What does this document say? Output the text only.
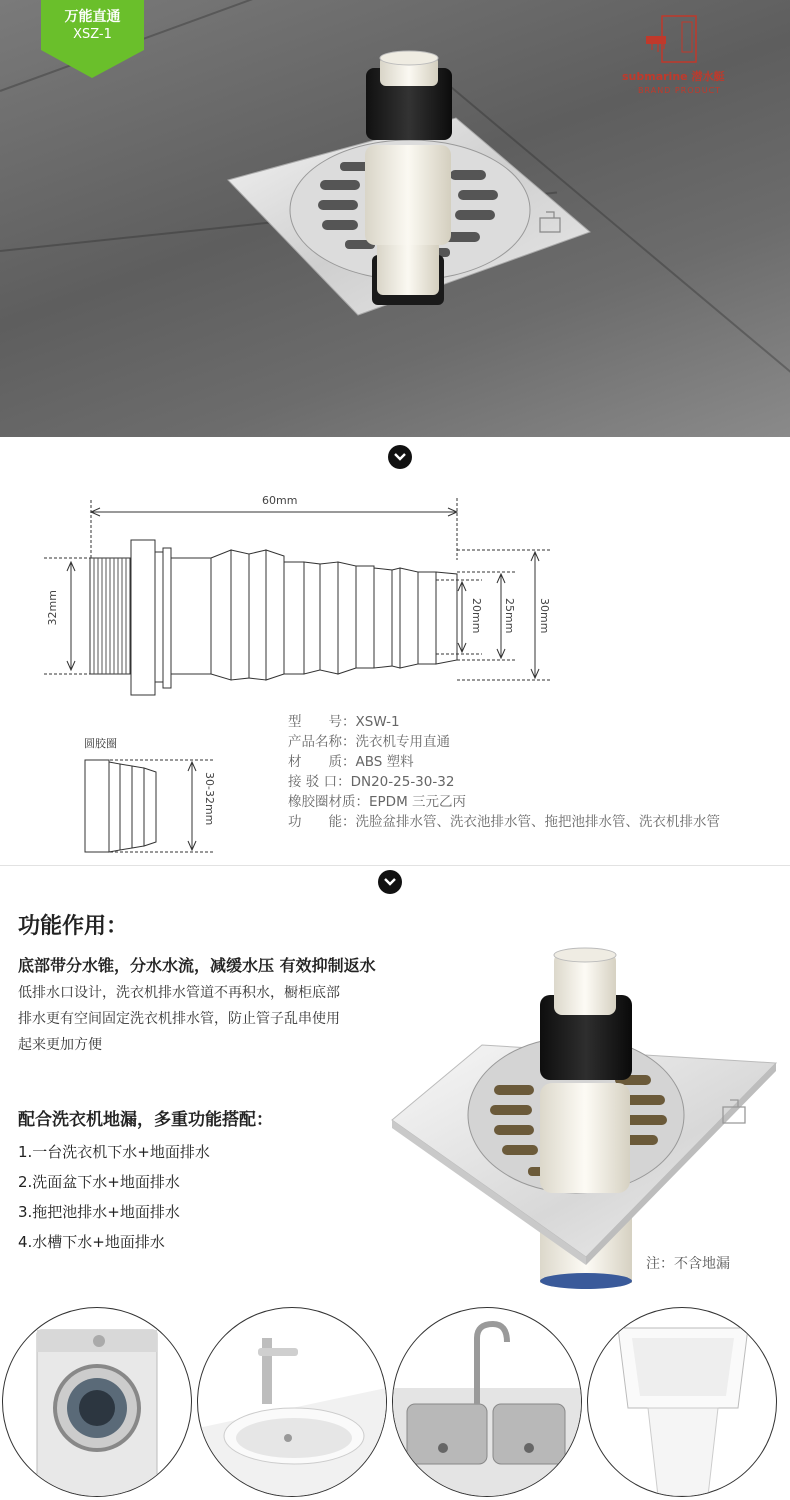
万能直通
XSZ-1
submarine 潜水艇
BRAND PRODUCT
60mm
32mm	20mm 25mm 30mm
圆胶圈
30-32mm
型　　号：XSW-1
产品名称：洗衣机专用直通
材　　质：ABS 塑料
接 驳 口：DN20-25-30-32
橡胶圈材质：EPDM 三元乙丙
功　　能：洗脸盆排水管、洗衣池排水管、拖把池排水管、洗衣机排水管
功能作用：
底部带分水锥，分水水流，减缓水压 有效抑制返水
低排水口设计，洗衣机排水管道不再积水，橱柜底部
排水更有空间固定洗衣机排水管，防止管子乱串使用
起来更加方便
配合洗衣机地漏，多重功能搭配：
1.一台洗衣机下水+地面排水
2.洗面盆下水+地面排水
3.拖把池排水+地面排水
4.水槽下水+地面排水
注：不含地漏
